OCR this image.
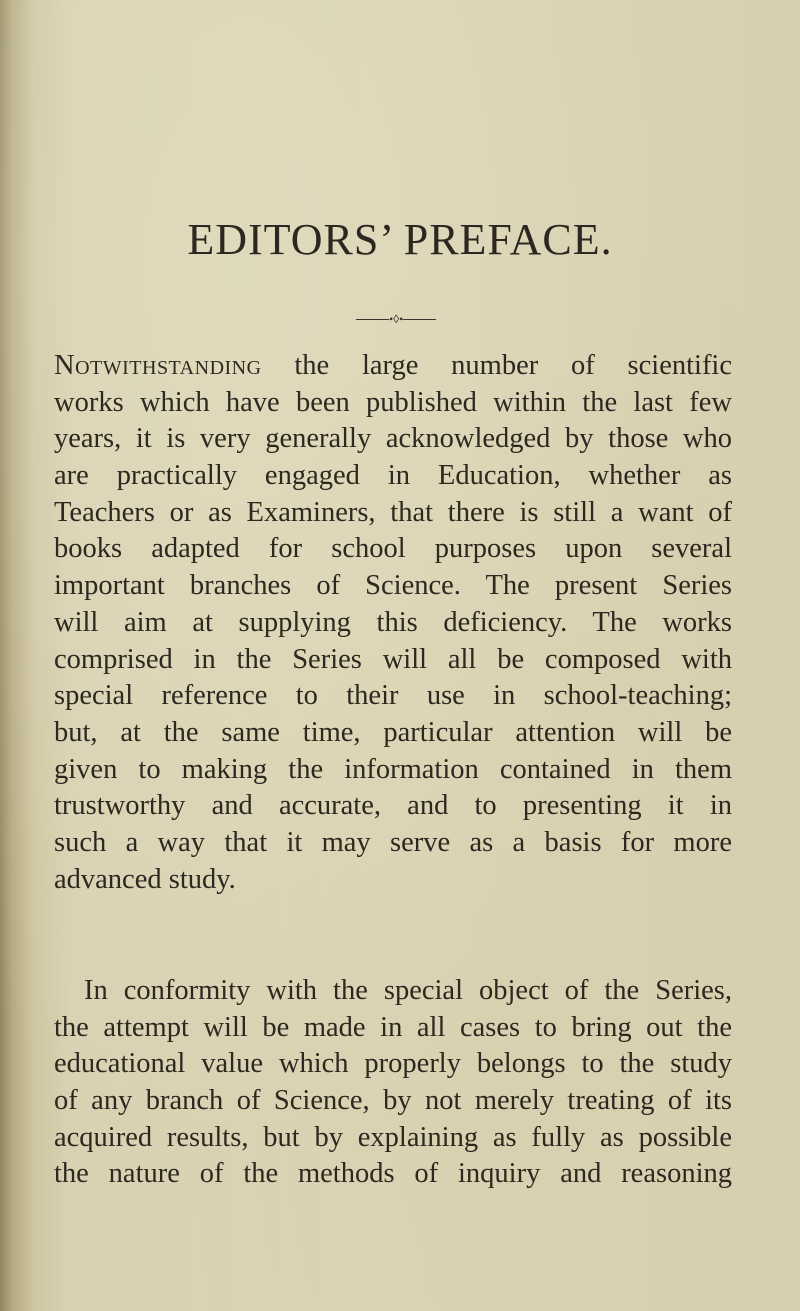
EDITORS’ PREFACE.
•◊•
Notwithstanding the large number of scientific
works which have been published within the last few
years, it is very generally acknowledged by those who
are practically engaged in Education, whether as
Teachers or as Examiners, that there is still a want of
books adapted for school purposes upon several
important branches of Science. The present Series
will aim at supplying this deficiency. The works
comprised in the Series will all be composed with
special reference to their use in school-teaching;
but, at the same time, particular attention will be
given to making the information contained in them
trustworthy and accurate, and to presenting it in
such a way that it may serve as a basis for more
advanced study.
In conformity with the special object of the Series,
the attempt will be made in all cases to bring out the
educational value which properly belongs to the study
of any branch of Science, by not merely treating of its
acquired results, but by explaining as fully as possible
the nature of the methods of inquiry and reasoning
